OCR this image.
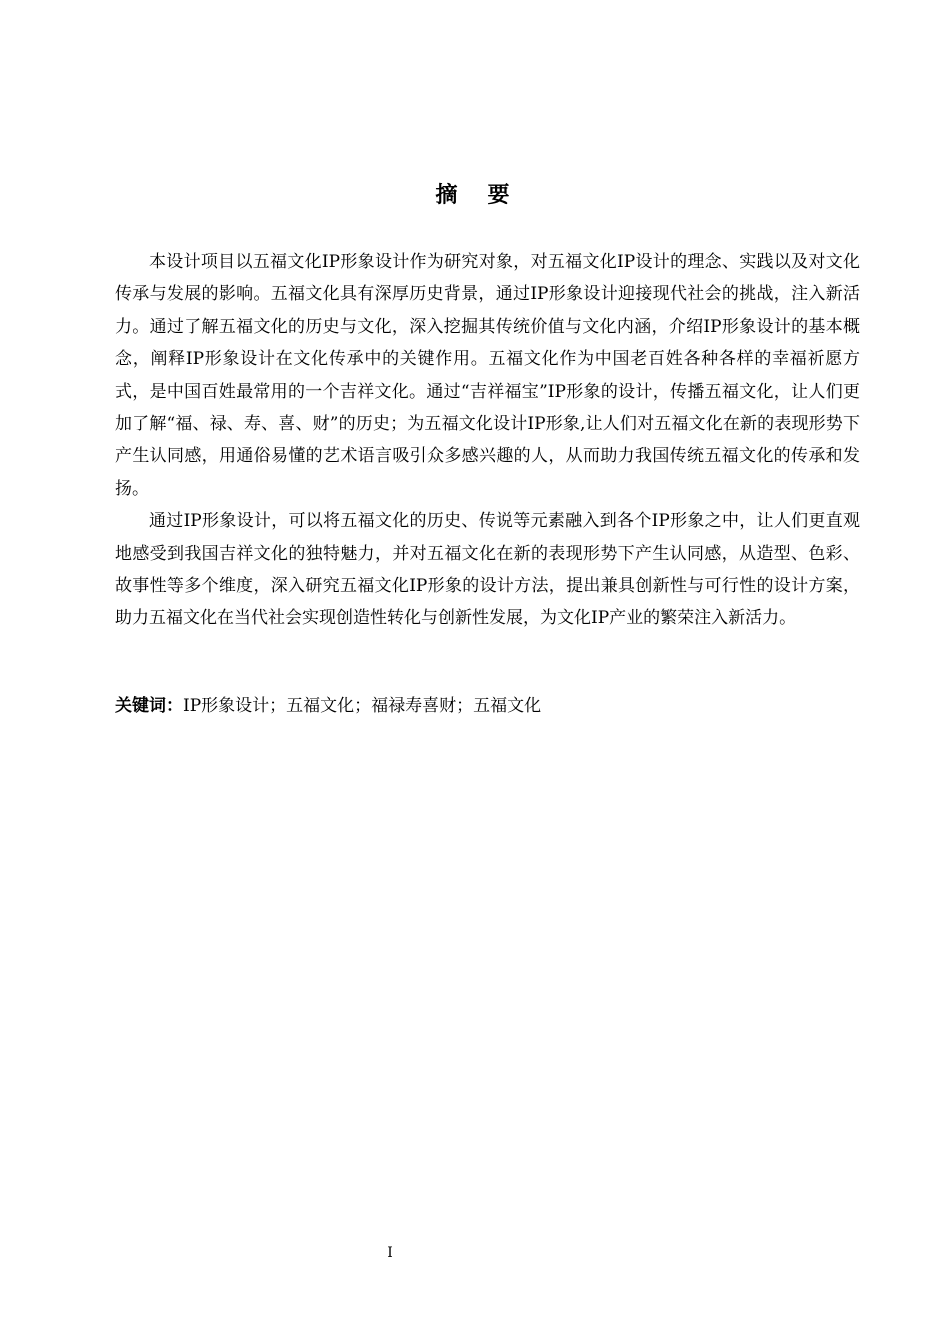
摘要

本设计项目以五福文化IP形象设计作为研究对象，对五福文化IP设计的理念、实践以及对文化传承与发展的影响。五福文化具有深厚历史背景，通过IP形象设计迎接现代社会的挑战，注入新活力。通过了解五福文化的历史与文化，深入挖掘其传统价值与文化内涵，介绍IP形象设计的基本概念，阐释IP形象设计在文化传承中的关键作用。五福文化作为中国老百姓各种各样的幸福祈愿方式，是中国百姓最常用的一个吉祥文化。通过“吉祥福宝”IP形象的设计，传播五福文化，让人们更加了解“福、禄、寿、喜、财”的历史；为五福文化设计IP形象,让人们对五福文化在新的表现形势下产生认同感，用通俗易懂的艺术语言吸引众多感兴趣的人，从而助力我国传统五福文化的传承和发扬。

通过IP形象设计，可以将五福文化的历史、传说等元素融入到各个IP形象之中，让人们更直观地感受到我国吉祥文化的独特魅力，并对五福文化在新的表现形势下产生认同感，从造型、色彩、故事性等多个维度，深入研究五福文化IP形象的设计方法，提出兼具创新性与可行性的设计方案，助力五福文化在当代社会实现创造性转化与创新性发展，为文化IP产业的繁荣注入新活力。

关键词：IP形象设计；五福文化；福禄寿喜财；五福文化
I
